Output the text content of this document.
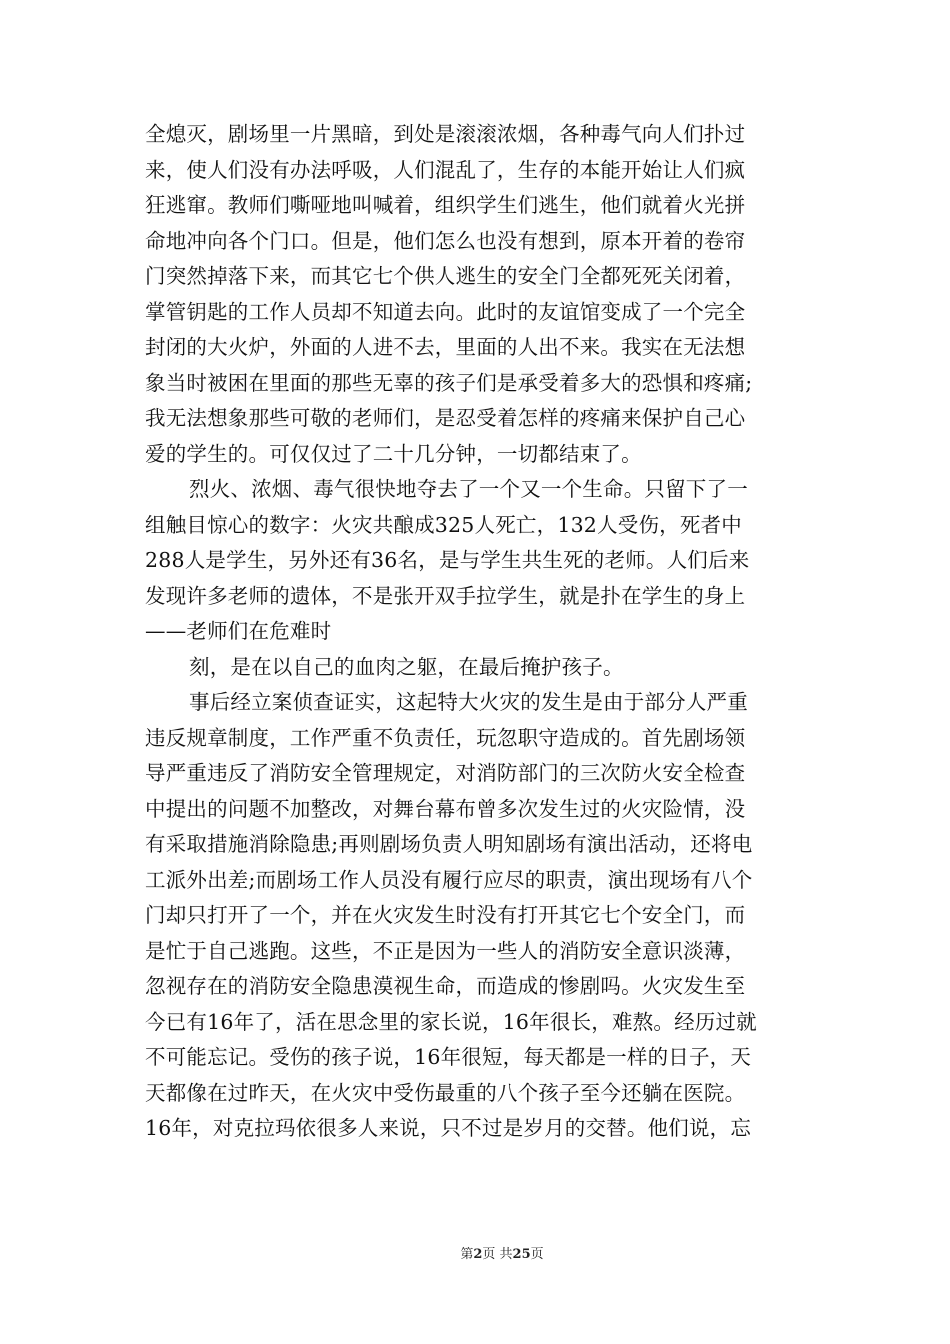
全熄灭，剧场里一片黑暗，到处是滚滚浓烟，各种毒气向人们扑过
来，使人们没有办法呼吸，人们混乱了，生存的本能开始让人们疯
狂逃窜。教师们嘶哑地叫喊着，组织学生们逃生，他们就着火光拼
命地冲向各个门口。但是，他们怎么也没有想到，原本开着的卷帘
门突然掉落下来，而其它七个供人逃生的安全门全都死死关闭着，
掌管钥匙的工作人员却不知道去向。此时的友谊馆变成了一个完全
封闭的大火炉，外面的人进不去，里面的人出不来。我实在无法想
象当时被困在里面的那些无辜的孩子们是承受着多大的恐惧和疼痛;
我无法想象那些可敬的老师们，是忍受着怎样的疼痛来保护自己心
爱的学生的。可仅仅过了二十几分钟，一切都结束了。
烈火、浓烟、毒气很快地夺去了一个又一个生命。只留下了一
组触目惊心的数字：火灾共酿成325人死亡，132人受伤，死者中
288人是学生，另外还有36名，是与学生共生死的老师。人们后来
发现许多老师的遗体，不是张开双手拉学生，就是扑在学生的身上
——老师们在危难时
刻，是在以自己的血肉之躯，在最后掩护孩子。
事后经立案侦查证实，这起特大火灾的发生是由于部分人严重
违反规章制度，工作严重不负责任，玩忽职守造成的。首先剧场领
导严重违反了消防安全管理规定，对消防部门的三次防火安全检查
中提出的问题不加整改，对舞台幕布曾多次发生过的火灾险情，没
有采取措施消除隐患;再则剧场负责人明知剧场有演出活动，还将电
工派外出差;而剧场工作人员没有履行应尽的职责，演出现场有八个
门却只打开了一个，并在火灾发生时没有打开其它七个安全门，而
是忙于自己逃跑。这些，不正是因为一些人的消防安全意识淡薄，
忽视存在的消防安全隐患漠视生命，而造成的惨剧吗。火灾发生至
今已有16年了，活在思念里的家长说，16年很长，难熬。经历过就
不可能忘记。受伤的孩子说，16年很短，每天都是一样的日子，天
天都像在过昨天，在火灾中受伤最重的八个孩子至今还躺在医院。
16年，对克拉玛依很多人来说，只不过是岁月的交替。他们说，忘
第2页 共25页
